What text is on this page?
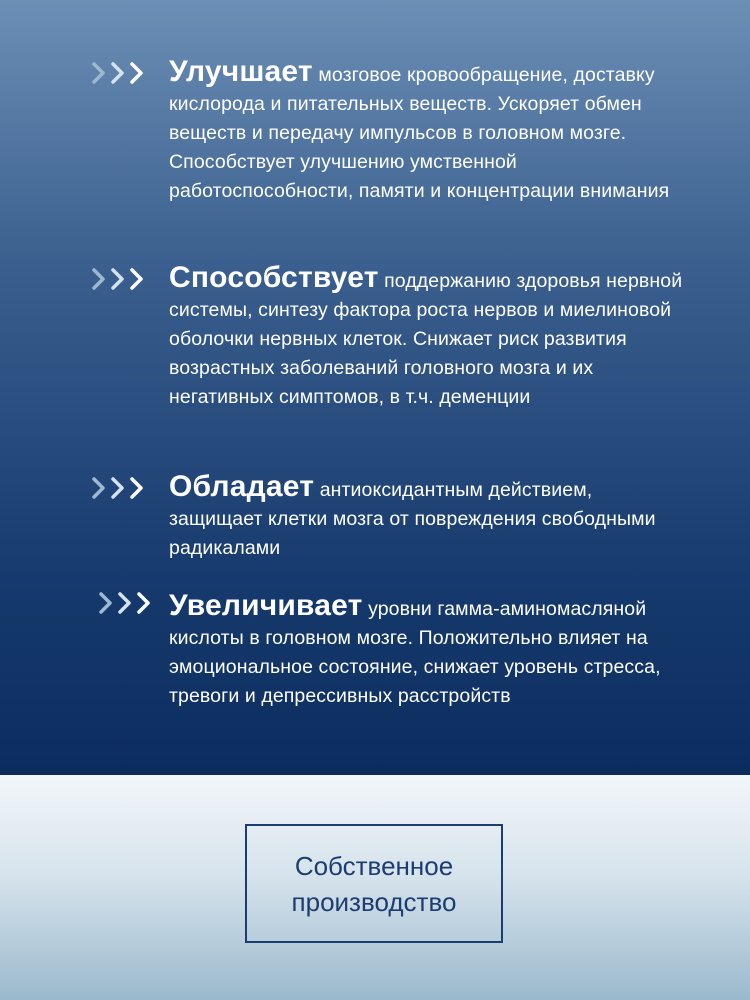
Улучшает мозговое кровообращение, доставку кислорода и питательных веществ. Ускоряет обмен веществ и передачу импульсов в головном мозге. Способствует улучшению умственной работоспособности, памяти и концентрации внимания
Способствует поддержанию здоровья нервной системы, синтезу фактора роста нервов и миелиновой оболочки нервных клеток. Снижает риск развития возрастных заболеваний головного мозга и их негативных симптомов, в т.ч. деменции
Обладает антиоксидантным действием, защищает клетки мозга от повреждения свободными радикалами
Увеличивает уровни гамма-аминомасляной кислоты в головном мозге. Положительно влияет на эмоциональное состояние, снижает уровень стресса, тревоги и депрессивных расстройств
Собственное производство
